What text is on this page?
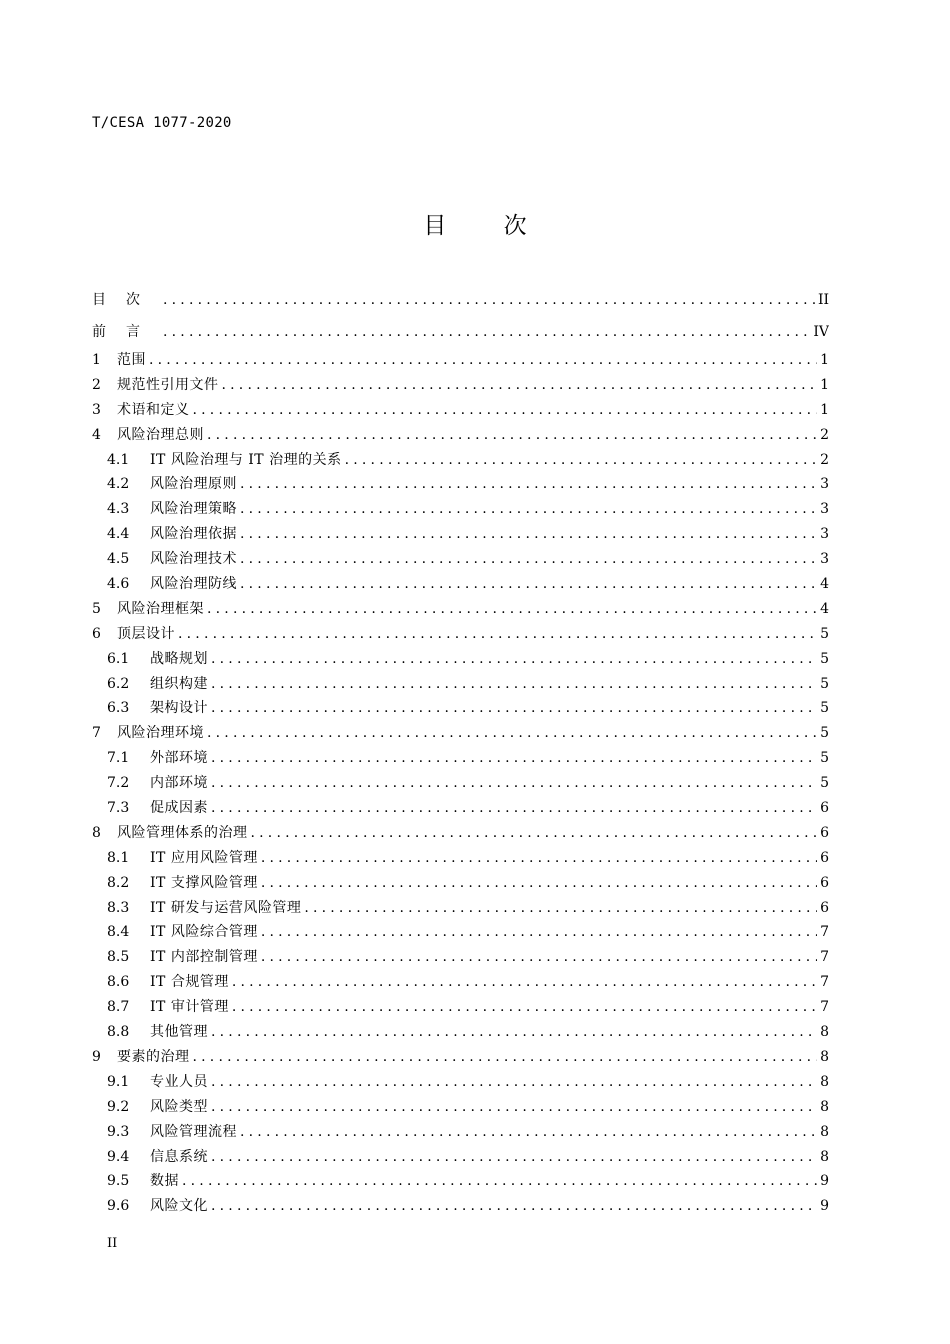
T/CESA 1077-2020
目 次
目次 .....	II
前言 .....	IV
1	范围 .....	1
2	规范性引用文件 .....	1
3	术语和定义 .....	1
4	风险治理总则 .....	2
4.1	IT 风险治理与 IT 治理的关系 .....	2
4.2	风险治理原则 .....	3
4.3	风险治理策略 .....	3
4.4	风险治理依据 .....	3
4.5	风险治理技术 .....	3
4.6	风险治理防线 .....	4
5	风险治理框架 .....	4
6	顶层设计 .....	5
6.1	战略规划 .....	5
6.2	组织构建 .....	5
6.3	架构设计 .....	5
7	风险治理环境 .....	5
7.1	外部环境 .....	5
7.2	内部环境 .....	5
7.3	促成因素 .....	6
8	风险管理体系的治理 .....	6
8.1	IT 应用风险管理 .....	6
8.2	IT 支撑风险管理 .....	6
8.3	IT 研发与运营风险管理 .....	6
8.4	IT 风险综合管理 .....	7
8.5	IT 内部控制管理 .....	7
8.6	IT 合规管理 .....	7
8.7	IT 审计管理 .....	7
8.8	其他管理 .....	8
9	要素的治理 .....	8
9.1	专业人员 .....	8
9.2	风险类型 .....	8
9.3	风险管理流程 .....	8
9.4	信息系统 .....	8
9.5	数据 .....	9
9.6	风险文化 .....	9
II
